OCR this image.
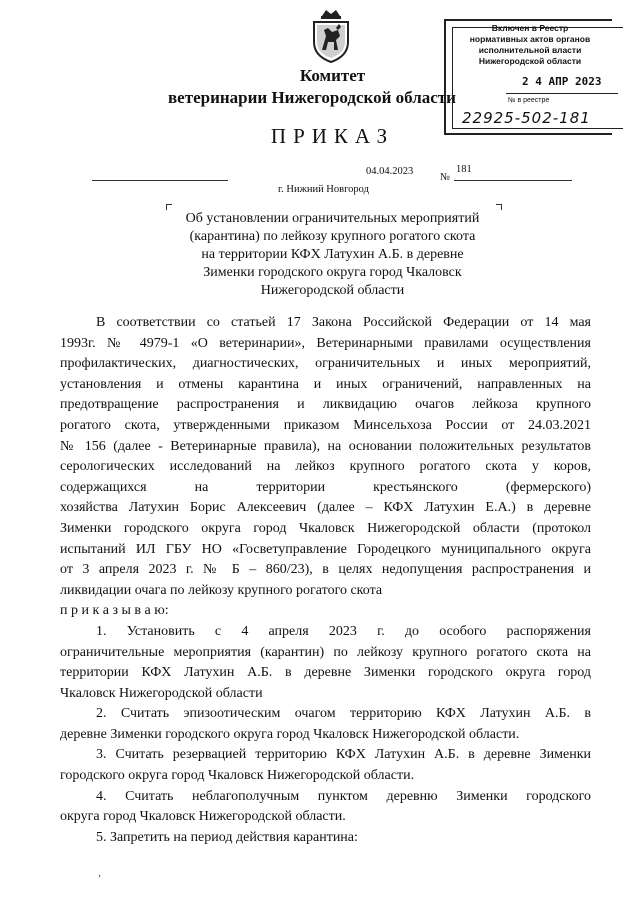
Комитет
ветеринарии Нижегородской области
ПРИКАЗ
Включен в Реестр
нормативных актов органов
исполнительной власти
Нижегородской области
2 4 АПР 2023
№ в реестре
22925-502-181
04.04.2023
№
181
г. Нижний Новгород
Об установлении ограничительных мероприятий
(карантина) по лейкозу крупного рогатого скота
на территории КФХ Латухин А.Б. в деревне
Зименки городского округа город Чкаловск
Нижегородской области
В соответствии со статьей 17 Закона Российской Федерации от 14 мая
1993г. № 4979-1 «О ветеринарии», Ветеринарными правилами осуществления
профилактических, диагностических, ограничительных и иных мероприятий,
установления и отмены карантина и иных ограничений, направленных на
предотвращение распространения и ликвидацию очагов лейкоза крупного
рогатого скота, утвержденными приказом Минсельхоза России от 24.03.2021
№ 156 (далее - Ветеринарные правила), на основании положительных результатов
серологических исследований на лейкоз крупного рогатого скота у коров,
содержащихся на территории крестьянского (фермерского)
хозяйства Латухин Борис Алексеевич (далее – КФХ Латухин Е.А.) в деревне
Зименки городского округа город Чкаловск Нижегородской области (протокол
испытаний ИЛ ГБУ НО «Госветуправление Городецкого муниципального округа
от 3 апреля 2023 г. № Б – 860/23), в целях недопущения распространения и
ликвидации очага по лейкозу крупного рогатого скота
п р и к а з ы в а ю:
1. Установить с 4 апреля 2023 г. до особого распоряжения
ограничительные мероприятия (карантин) по лейкозу крупного рогатого скота на
территории КФХ Латухин А.Б. в деревне Зименки городского округа город
Чкаловск Нижегородской области
2. Считать эпизоотическим очагом территорию КФХ Латухин А.Б. в
деревне Зименки городского округа город Чкаловск Нижегородской области.
3. Считать резервацией территорию КФХ Латухин А.Б. в деревне Зименки
городского округа город Чкаловск Нижегородской области.
4. Считать неблагополучным пунктом деревню Зименки городского
округа город Чкаловск Нижегородской области.
5. Запретить на период действия карантина:
‚
